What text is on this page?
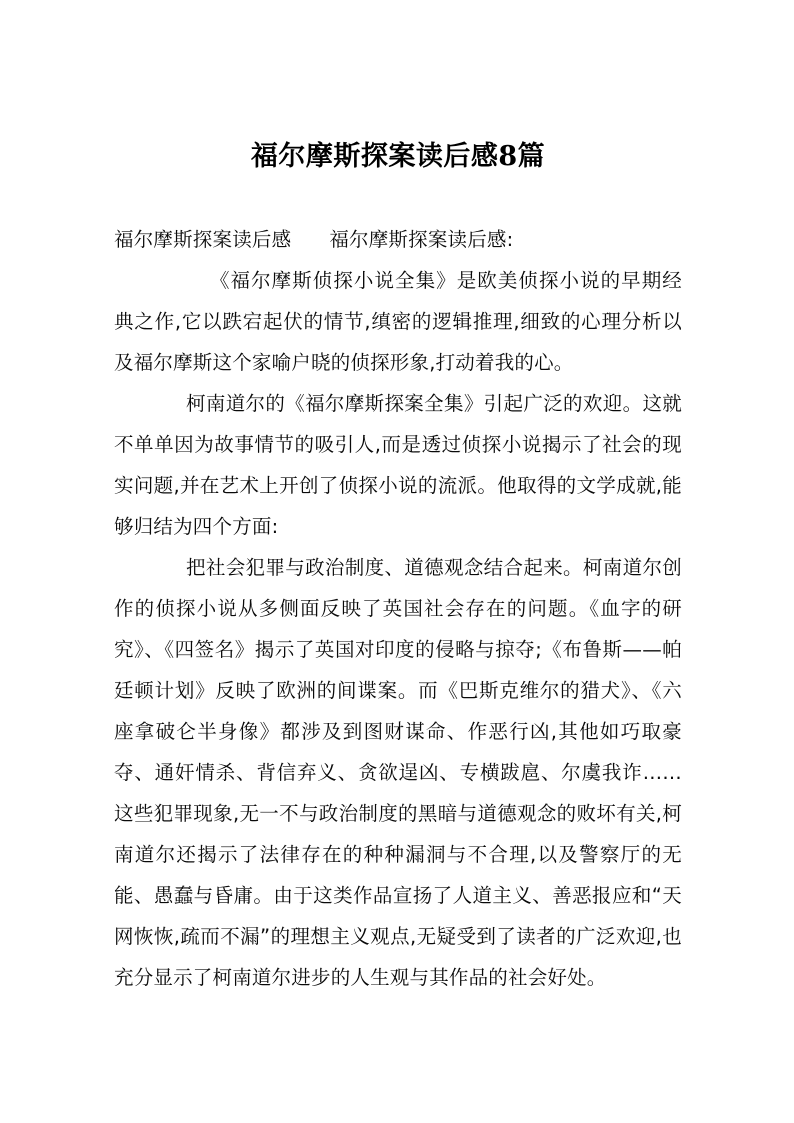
福尔摩斯探案读后感8篇

福尔摩斯探案读后感 福尔摩斯探案读后感:

《福尔摩斯侦探小说全集》是欧美侦探小说的早期经典之作,它以跌宕起伏的情节,缜密的逻辑推理,细致的心理分析以及福尔摩斯这个家喻户晓的侦探形象,打动着我的心。

柯南道尔的《福尔摩斯探案全集》引起广泛的欢迎。这就不单单因为故事情节的吸引人,而是透过侦探小说揭示了社会的现实问题,并在艺术上开创了侦探小说的流派。他取得的文学成就,能够归结为四个方面:

把社会犯罪与政治制度、道德观念结合起来。柯南道尔创作的侦探小说从多侧面反映了英国社会存在的问题。《血字的研究》、《四签名》揭示了英国对印度的侵略与掠夺;《布鲁斯——帕廷顿计划》反映了欧洲的间谍案。而《巴斯克维尔的猎犬》、《六座拿破仑半身像》都涉及到图财谋命、作恶行凶,其他如巧取豪夺、通奸情杀、背信弃义、贪欲逞凶、专横跋扈、尔虞我诈……这些犯罪现象,无一不与政治制度的黑暗与道德观念的败坏有关,柯南道尔还揭示了法律存在的种种漏洞与不合理,以及警察厅的无能、愚蠢与昏庸。由于这类作品宣扬了人道主义、善恶报应和“天网恢恢,疏而不漏”的理想主义观点,无疑受到了读者的广泛欢迎,也充分显示了柯南道尔进步的人生观与其作品的社会好处。
